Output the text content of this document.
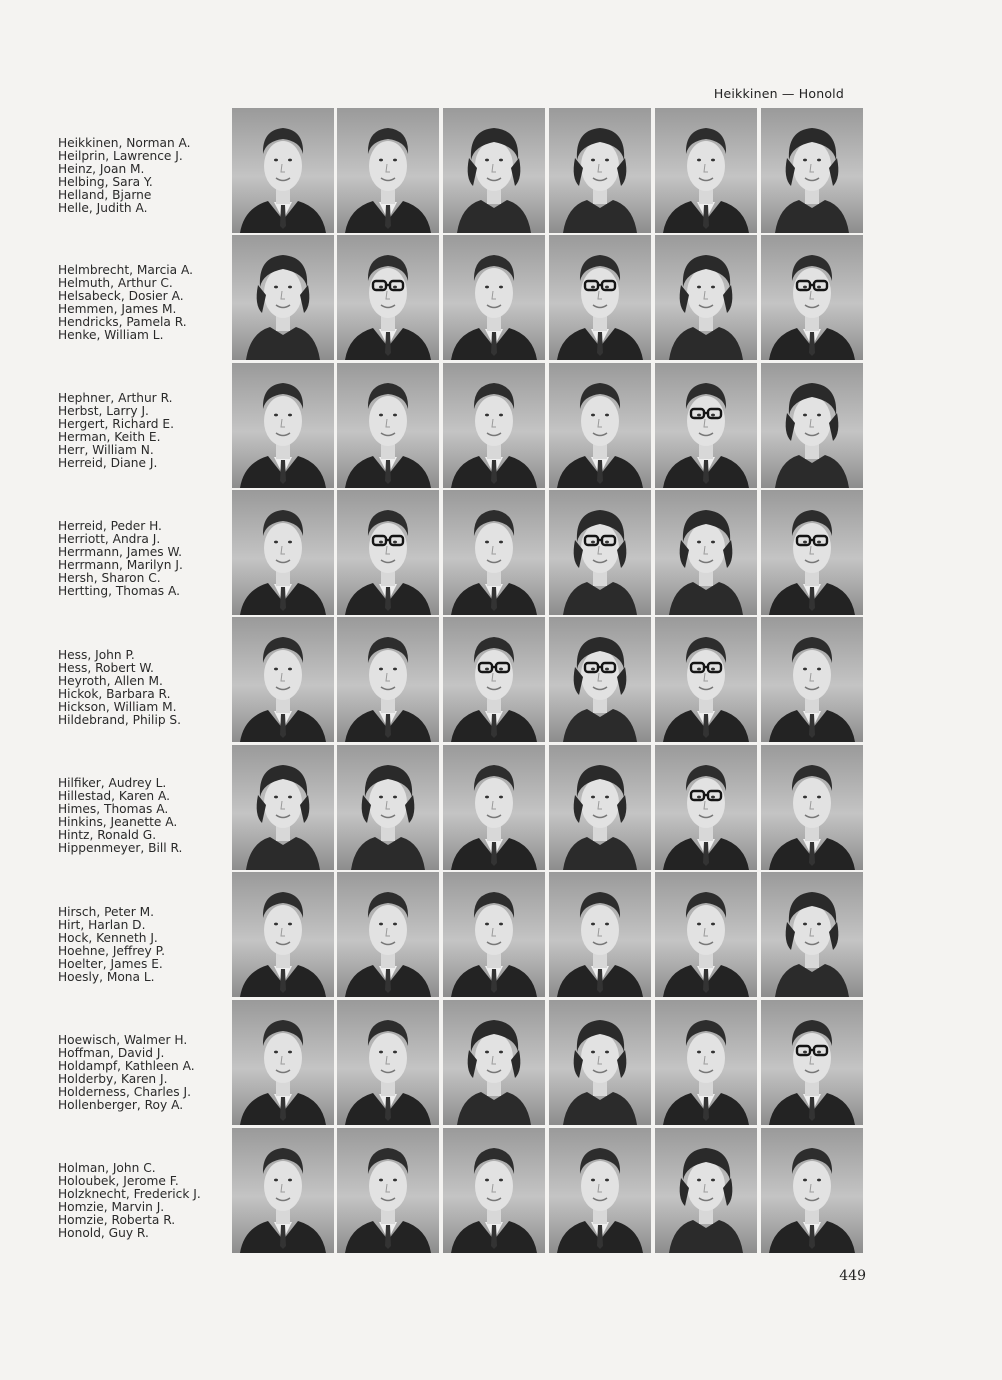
Heikkinen — Honold
Heikkinen, Norman A.
Heilprin, Lawrence J.
Heinz, Joan M.
Helbing, Sara Y.
Helland, Bjarne
Helle, Judith A.
Helmbrecht, Marcia A.
Helmuth, Arthur C.
Helsabeck, Dosier A.
Hemmen, James M.
Hendricks, Pamela R.
Henke, William L.
Hephner, Arthur R.
Herbst, Larry J.
Hergert, Richard E.
Herman, Keith E.
Herr, William N.
Herreid, Diane J.
Herreid, Peder H.
Herriott, Andra J.
Herrmann, James W.
Herrmann, Marilyn J.
Hersh, Sharon C.
Hertting, Thomas A.
Hess, John P.
Hess, Robert W.
Heyroth, Allen M.
Hickok, Barbara R.
Hickson, William M.
Hildebrand, Philip S.
Hilfiker, Audrey L.
Hillestad, Karen A.
Himes, Thomas A.
Hinkins, Jeanette A.
Hintz, Ronald G.
Hippenmeyer, Bill R.
Hirsch, Peter M.
Hirt, Harlan D.
Hock, Kenneth J.
Hoehne, Jeffrey P.
Hoelter, James E.
Hoesly, Mona L.
Hoewisch, Walmer H.
Hoffman, David J.
Holdampf, Kathleen A.
Holderby, Karen J.
Holderness, Charles J.
Hollenberger, Roy A.
Holman, John C.
Holoubek, Jerome F.
Holzknecht, Frederick J.
Homzie, Marvin J.
Homzie, Roberta R.
Honold, Guy R.
449
